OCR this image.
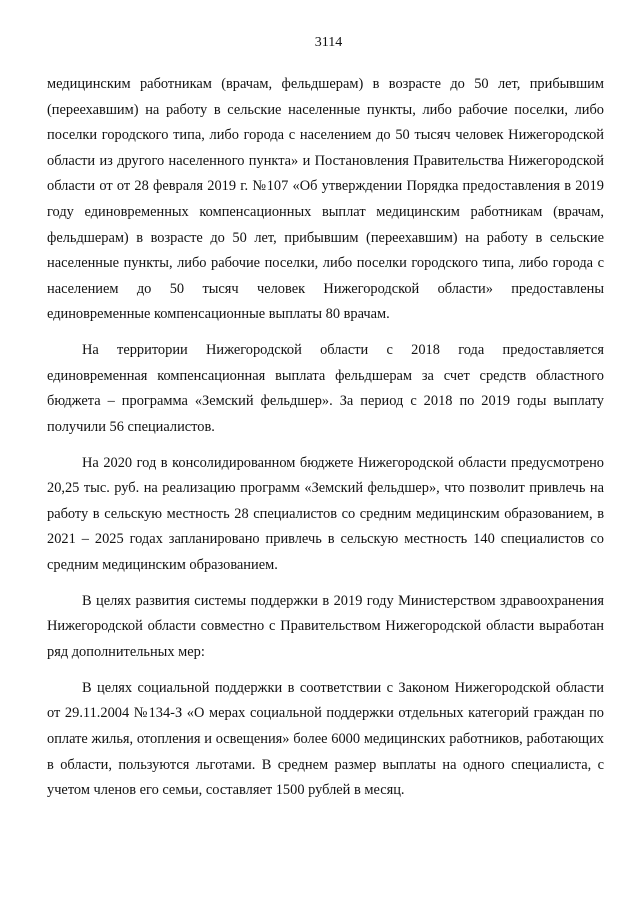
3114

медицинским работникам (врачам, фельдшерам) в возрасте до 50 лет, прибывшим (переехавшим) на работу в сельские населенные пункты, либо рабочие поселки, либо поселки городского типа, либо города с населением до 50 тысяч человек Нижегородской области из другого населенного пункта» и Постановления Правительства Нижегородской области от от 28 февраля 2019 г. №107 «Об утверждении Порядка предоставления в 2019 году единовременных компенсационных выплат медицинским работникам (врачам, фельдшерам) в возрасте до 50 лет, прибывшим (переехавшим) на работу в сельские населенные пункты, либо рабочие поселки, либо поселки городского типа, либо города с населением до 50 тысяч человек Нижегородской области» предоставлены единовременные компенсационные выплаты 80 врачам.

На территории Нижегородской области с 2018 года предоставляется единовременная компенсационная выплата фельдшерам за счет средств областного бюджета – программа «Земский фельдшер». За период с 2018 по 2019 годы выплату получили 56 специалистов.

На 2020 год в консолидированном бюджете Нижегородской области предусмотрено 20,25 тыс. руб. на реализацию программ «Земский фельдшер», что позволит привлечь на работу в сельскую местность 28 специалистов со средним медицинским образованием, в 2021 – 2025 годах запланировано привлечь в сельскую местность 140 специалистов со средним медицинским образованием.

В целях развития системы поддержки в 2019 году Министерством здравоохранения Нижегородской области совместно с Правительством Нижегородской области выработан ряд дополнительных мер:

В целях социальной поддержки в соответствии с Законом Нижегородской области от 29.11.2004 №134-З «О мерах социальной поддержки отдельных категорий граждан по оплате жилья, отопления и освещения» более 6000 медицинских работников, работающих в области, пользуются льготами. В среднем размер выплаты на одного специалиста, с учетом членов его семьи, составляет 1500 рублей в месяц.
